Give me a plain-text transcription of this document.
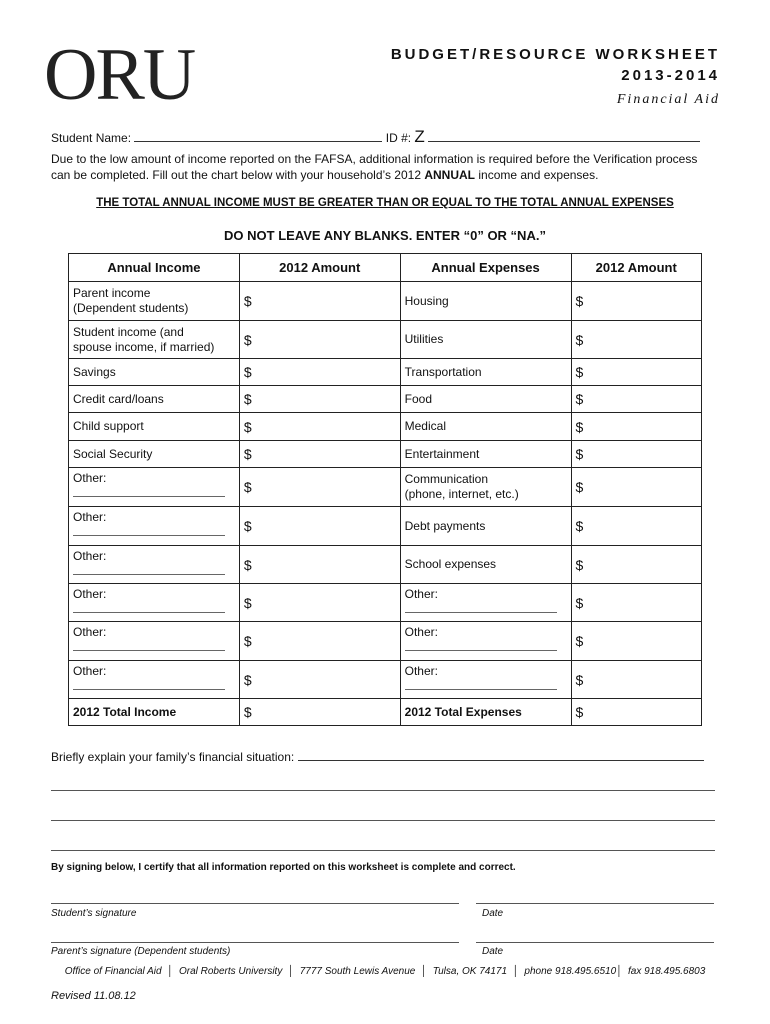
ORU	BUDGET/RESOURCE WORKSHEET
2013-2014
Financial Aid
Student Name:	ID #: Z
Due to the low amount of income reported on the FAFSA, additional information is required before the Verification process can be completed. Fill out the chart below with your household’s 2012 ANNUAL income and expenses.
THE TOTAL ANNUAL INCOME MUST BE GREATER THAN OR EQUAL TO THE TOTAL ANNUAL EXPENSES
DO NOT LEAVE ANY BLANKS. ENTER “0” OR “NA.”
Annual Income	2012 Amount	Annual Expenses	2012 Amount
Parent income
(Dependent students)	$	Housing	$
Student income (and
spouse income, if married)	$	Utilities	$
Savings	$	Transportation	$
Credit card/loans	$	Food	$
Child support	$	Medical	$
Social Security	$	Entertainment	$
Other:	$	Communication
(phone, internet, etc.)	$
Other:	$	Debt payments	$
Other:	$	School expenses	$
Other:	$	Other:	$
Other:	$	Other:	$
Other:	$	Other:	$
2012 Total Income	$	2012 Total Expenses	$
Briefly explain your family’s financial situation:
By signing below, I certify that all information reported on this worksheet is complete and correct.
Student’s signature	Date
Parent’s signature (Dependent students)	Date
Office of Financial Aid  │  Oral Roberts University  │  7777 South Lewis Avenue  │  Tulsa, OK 74171  │  phone 918.495.6510│  fax 918.495.6803
Revised 11.08.12
